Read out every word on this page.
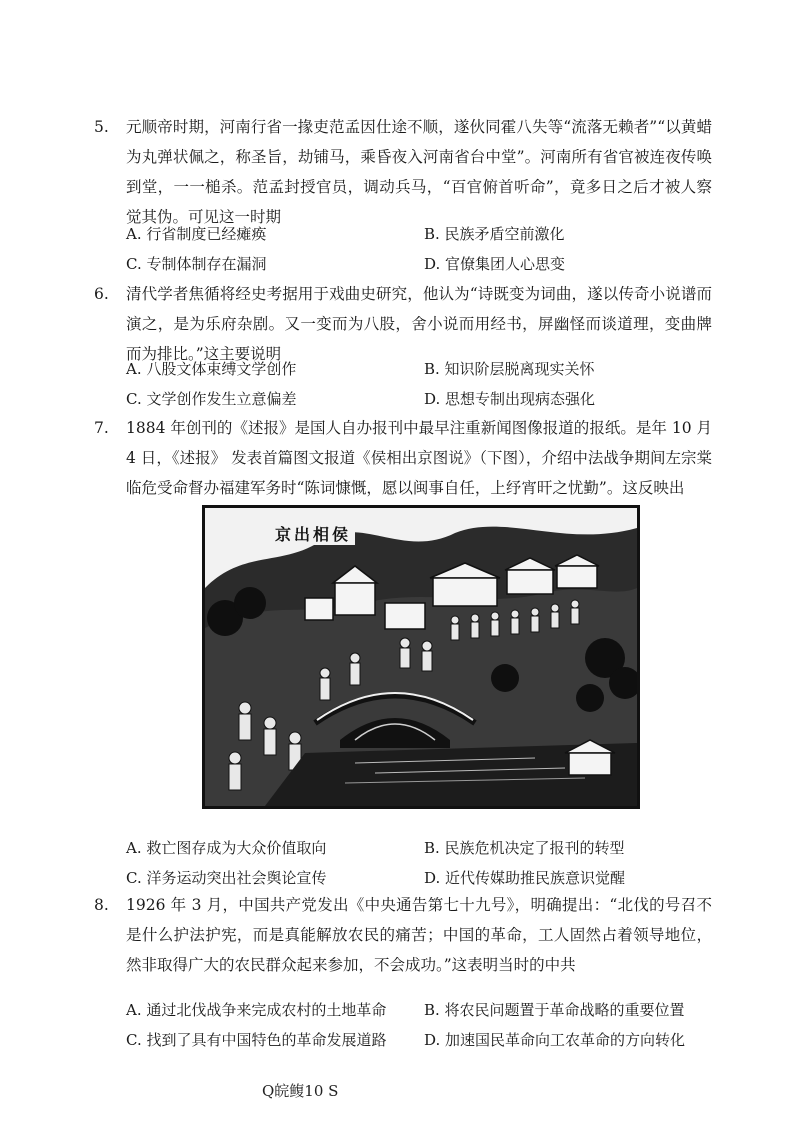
5.	元顺帝时期，河南行省一掾吏范孟因仕途不顺，遂伙同霍八失等“流落无赖者”“以黄蜡为丸弹状佩之，称圣旨，劫铺马，乘昏夜入河南省台中堂”。河南所有省官被连夜传唤到堂，一一槌杀。范孟封授官员，调动兵马，“百官俯首听命”，竟多日之后才被人察觉其伪。可见这一时期
A. 行省制度已经瘫痪	B. 民族矛盾空前激化
C. 专制体制存在漏洞	D. 官僚集团人心思变
6.	清代学者焦循将经史考据用于戏曲史研究，他认为“诗既变为词曲，遂以传奇小说谱而演之，是为乐府杂剧。又一变而为八股，舍小说而用经书，屏幽怪而谈道理，变曲牌而为排比。”这主要说明
A. 八股文体束缚文学创作	B. 知识阶层脱离现实关怀
C. 文学创作发生立意偏差	D. 思想专制出现病态强化
7.	1884 年创刊的《述报》是国人自办报刊中最早注重新闻图像报道的报纸。是年 10 月 4 日，《述报》 发表首篇图文报道《侯相出京图说》（下图），介绍中法战争期间左宗棠临危受命督办福建军务时“陈词慷慨，愿以闽事自任，上纾宵旰之忧勤”。这反映出
京出相侯
A. 救亡图存成为大众价值取向	B. 民族危机决定了报刊的转型
C. 洋务运动突出社会舆论宣传	D. 近代传媒助推民族意识觉醒
8.	1926 年 3 月，中国共产党发出《中央通告第七十九号》，明确提出：“北伐的号召不是什么护法护宪，而是真能解放农民的痛苦；中国的革命，工人固然占着领导地位，然非取得广大的农民群众起来参加，不会成功。”这表明当时的中共
A. 通过北伐战争来完成农村的土地革命	B. 将农民问题置于革命战略的重要位置
C. 找到了具有中国特色的革命发展道路	D. 加速国民革命向工农革命的方向转化
Q皖鳆10 S
